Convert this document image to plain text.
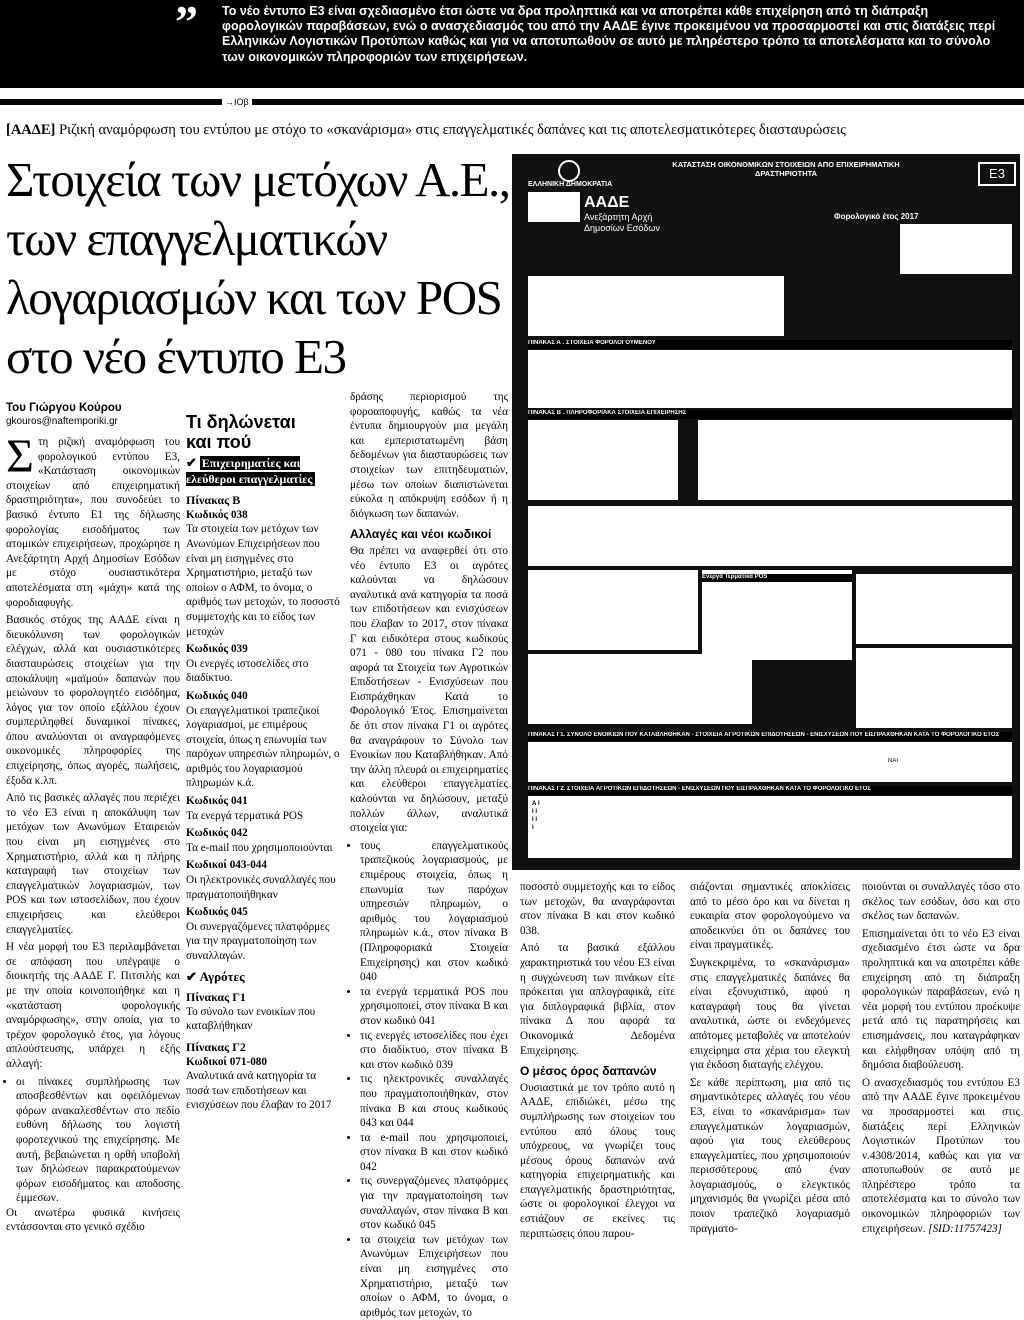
” Το νέο έντυπο Ε3 είναι σχεδιασμένο έτσι ώστε να δρα προληπτικά και να αποτρέπει κάθε επιχείρηση από τη διάπραξη φορολογικών παραβάσεων, ενώ ο ανασχεδιασμός του από την ΑΑΔΕ έγινε προκειμένου να προσαρμοστεί και στις διατάξεις περί Ελληνικών Λογιστικών Προτύπων καθώς και για να αποτυπωθούν σε αυτό με πληρέστερο τρόπο τα αποτελέσματα και το σύνολο των οικονομικών πληροφοριών των επιχειρήσεων.
→ΙΟβ
[ΑΑΔΕ] Ριζική αναμόρφωση του εντύπου με στόχο το «σκανάρισμα» στις επαγγελματικές δαπάνες και τις αποτελεσματικότερες διασταυρώσεις
Στοιχεία των μετόχων Α.Ε.,
των επαγγελματικών
λογαριασμών και των POS
στο νέο έντυπο Ε3
Του Γιώργου Κούρου
gkouros@naftemporiki.gr

Στη ριζική αναμόρφωση του φορολογικού εντύπου Ε3, «Κατάσταση οικονομικών στοιχείων από επιχειρηματική δραστηριότητα», που συνοδεύει το βασικό έντυπο Ε1 της δήλωσης φορολογίας εισοδήματος των ατομικών επιχειρήσεων, προχώρησε η Ανεξάρτητη Αρχή Δημοσίων Εσόδων με στόχο ουσιαστικότερα αποτελέσματα στη «μάχη» κατά της φοροδιαφυγής.

Βασικός στόχος της ΑΑΔΕ είναι η διευκόλυνση των φορολογικών ελέγχων, αλλά και ουσιαστικότερες διασταυρώσεις στοιχείων για την αποκάλυψη «μαϊμού» δαπανών που μειώνουν το φορολογητέο εισόδημα, λόγος για τον οποίο εξάλλου έχουν συμπεριληφθεί δυναμικοί πίνακες, όπου αναλύονται οι αναγραφόμενες οικονομικές πληροφορίες της επιχείρησης, όπως αγορές, πωλήσεις, έξοδα κ.λπ.

Από τις βασικές αλλαγές που περιέχει το νέο Ε3 είναι η αποκάλυψη των μετόχων των Ανωνύμων Εταιρειών που είναι μη εισηγμένες στο Χρηματιστήριο, αλλά και η πλήρης καταγραφή των στοιχείων των επαγγελματικών λογαριασμών, των POS και των ιστοσελίδων, που έχουν επιχειρήσεις και ελεύθεροι επαγγελματίες.

Η νέα μορφή του Ε3 περιλαμβάνεται σε απόφαση που υπέγραψε ο διοικητής της ΑΑΔΕ Γ. Πιτσιλής και με την οποία κοινοποιήθηκε και η «κατάσταση φορολογικής αναμόρφωσης», στην οποία, για το τρέχον φορολογικό έτος, για λόγους απλούστευσης, υπάρχει η εξής αλλαγή:

• οι πίνακες συμπλήρωσης των αποσβεσθέντων και οφειλόμενων φόρων ανακαλεσθέντων στο πεδίο ευθύνη δήλωσης του λογιστή φοροτεχνικού της επιχείρησης. Με αυτή, βεβαιώνεται η ορθή υποβολή των δηλώσεων παρακρατούμενων φόρων εισοδήματος και αποδοσης έμμεσων.

Οι ανωτέρω φυσικά κινήσεις εντάσσονται στο γενικό σχέδιο

Τι δηλώνεται
και πού
✔ Επιχειρηματίες και ελεύθεροι επαγγελματίες
Πίνακας Β
Κωδικός 038

Τα στοιχεία των μετόχων των Ανωνύμων Επιχειρήσεων που είναι μη εισηγμένες στο Χρηματιστήριο, μεταξύ των οποίων ο ΑΦΜ, το όνομα, ο αριθμός των μετοχών, το ποσοστό συμμετοχής και το είδος των μετοχών

Κωδικός 039

Οι ενεργές ιστοσελίδες στο διαδίκτυο.

Κωδικός 040

Οι επαγγελματικοί τραπεζικοί λογαριασμοί, με επιμέρους στοιχεία, όπως η επωνυμία των παρόχων υπηρεσιών πληρωμών, ο αριθμός του λογαριασμού πληρωμών κ.ά.

Κωδικός 041

Τα ενεργά τερματικά POS

Κωδικός 042

Τα e-mail που χρησιμοποιούνται

Κωδικοί 043-044

Οι ηλεκτρονικές συναλλαγές που πραγματοποιήθηκαν

Κωδικός 045

Οι συνεργαζόμενες πλατφόρμες για την πραγματοποίηση των συναλλαγών.

✔ Αγρότες
Πίνακας Γ1

Το σύνολο των ενοικίων που καταβλήθηκαν

Πίνακας Γ2
Κωδικοί 071-080

Αναλυτικά ανά κατηγορία τα ποσά των επιδοτήσεων και ενισχύσεων που έλαβαν το 2017

δράσης περιορισμού της φοροαποφυγής, καθώς τα νέα έντυπα δημιουργούν μια μεγάλη και εμπεριστατωμένη βάση δεδομένων για διασταυρώσεις των στοιχείων των επιτηδευματιών, μέσω των οποίων διαπιστώνεται εύκολα η απόκρυψη εσόδων ή η διόγκωση των δαπανών.

Αλλαγές και νέοι κωδικοί

Θα πρέπει να αναφερθεί ότι στο νέο έντυπο Ε3 οι αγρότες καλούνται να δηλώσουν αναλυτικά ανά κατηγορία τα ποσά των επιδοτήσεων και ενισχύσεων που έλαβαν το 2017, στον πίνακα Γ και ειδικότερα στους κωδικούς 071 - 080 του πίνακα Γ2 που αφορά τα Στοιχεία των Αγροτικών Επιδοτήσεων - Ενισχύσεων που Εισπράχθηκαν Κατά το Φορολογικό Έτος. Επισημαίνεται δε ότι στον πίνακα Γ1 οι αγρότες θα αναγράφουν το Σύνολο των Ενοικίων που Καταβλήθηκαν. Από την άλλη πλευρά οι επιχειρηματίες και ελεύθεροι επαγγελματίες καλούνται να δηλώσουν, μεταξύ πολλών άλλων, αναλυτικά στοιχεία για:

• τους επαγγελματικούς τραπεζικούς λογαριασμούς, με επιμέρους στοιχεία, όπως η επωνυμία των παρόχων υπηρεσιών πληρωμών, ο αριθμός του λογαριασμού πληρωμών κ.ά., στον πίνακα Β (Πληροφοριακά Στοιχεία Επιχείρησης) και στον κωδικό 040
• τα ενεργά τερματικά POS που χρησιμοποιεί, στον πίνακα Β και στον κωδικό 041
• τις ενεργές ιστοσελίδες που έχει στο διαδίκτυο, στον πίνακα Β και στον κωδικό 039
• τις ηλεκτρονικές συναλλαγές που πραγματοποιήθηκαν, στον πίνακα Β και στους κωδικούς 043 και 044
• τα e-mail που χρησιμοποιεί, στον πίνακα Β και στον κωδικό 042
• τις συνεργαζόμενες πλατφόρμες για την πραγματοποίηση των συναλλαγών, στον πίνακα Β και στον κωδικό 045
• τα στοιχεία των μετόχων των Ανωνύμων Επιχειρήσεων που είναι μη εισηγμένες στο Χρηματιστήριο, μεταξύ των οποίων ο ΑΦΜ, το όνομα, ο αριθμός των μετοχών, το

ποσοστό συμμετοχής και το είδος των μετοχών, θα αναγράφονται στον πίνακα Β και στον κωδικό 038.

Από τα βασικά εξάλλου χαρακτηριστικά του νέου Ε3 είναι η συγχώνευση των πινάκων είτε πρόκειται για απλογραφικά, είτε για διπλογραφικά βιβλία, στον πίνακα Δ που αφορά τα Οικονομικά Δεδομένα Επιχείρησης.

Ο μέσος όρος δαπανών

Ουσιαστικά με τον τρόπο αυτό η ΑΑΔΕ, επιδιώκει, μέσω της συμπλήρωσης των στοιχείων του εντύπου από όλους τους υπόχρεους, να γνωρίζει τους μέσους όρους δαπανών ανά κατηγορία επιχειρηματικής και επαγγελματικής δραστηριότητας, ώστε οι φορολογικοί έλεγχοι να εστιάζουν σε εκείνες τις περιπτώσεις όπου παρου-

σιάζονται σημαντικές αποκλίσεις από το μέσο όρο και να δίνεται η ευκαιρία στον φορολογούμενο να αποδεικνύει ότι οι δαπάνες του είναι πραγματικές.

Συγκεκριμένα, το «σκανάρισμα» στις επαγγελματικές δαπάνες θα είναι εξονυχιστικό, αφού η καταγραφή τους θα γίνεται αναλυτικά, ώστε οι ενδεχόμενες απότομες μεταβολές να αποτελούν επιχείρημα στα χέρια του ελεγκτή για έκδοση διαταγής ελέγχου.

Σε κάθε περίπτωση, μια από τις σημαντικότερες αλλαγές του νέου Ε3, είναι το «σκανάρισμα» των επαγγελματικών λογαριασμών, αφού για τους ελεύθερους επαγγελματίες, που χρησιμοποιούν περισσότερους από έναν λογαριασμούς, ο ελεγκτικός μηχανισμός θα γνωρίζει μέσα από ποιον τραπεζικό λογαριασμό πραγματο-

ποιούνται οι συναλλαγές τόσο στο σκέλος των εσόδων, όσο και στο σκέλος των δαπανών.

Επισημαίνεται ότι το νέο Ε3 είναι σχεδιασμένο έτσι ώστε να δρα προληπτικά και να αποτρέπει κάθε επιχείρηση από τη διάπραξη φορολογικών παραβάσεων, ενώ η νέα μορφή του εντύπου προέκυψε μετά από τις παρατηρήσεις και επισημάνσεις, που καταγράφηκαν και ελήφθησαν υπόψη από τη δημόσια διαβούλευση.

Ο ανασχεδιασμός του εντύπου Ε3 από την ΑΑΔΕ έγινε προκειμένου να προσαρμοστεί και στις διατάξεις περί Ελληνικών Λογιστικών Προτύπων του ν.4308/2014, καθώς και για να αποτυπωθούν σε αυτό με πληρέστερο τρόπο τα αποτελέσματα και το σύνολο των οικονομικών πληροφοριών των επιχειρήσεων. [SID:11757423]

ΕΛΛΗΝΙΚΗ ΔΗΜΟΚΡΑΤΙΑ
ΑΑΔΕ
Ανεξάρτητη Αρχή
Δημοσίων Εσόδων
ΚΑΤΑΣΤΑΣΗ ΟΙΚΟΝΟΜΙΚΩΝ ΣΤΟΙΧΕΙΩΝ ΑΠΟ ΕΠΙΧΕΙΡΗΜΑΤΙΚΗ ΔΡΑΣΤΗΡΙΟΤΗΤΑ	Ε3
Φορολογικό έτος 2017
ΠΙΝΑΚΑΣ Α΄. ΣΤΟΙΧΕΙΑ ΦΟΡΟΛΟΓΟΥΜΕΝΟΥ
ΠΙΝΑΚΑΣ Β΄. ΠΛΗΡΟΦΟΡΙΑΚΑ ΣΤΟΙΧΕΙΑ ΕΠΙΧΕΙΡΗΣΗΣ
Ενεργά Τερματικά POS
ΠΙΝΑΚΑΣ Γ1. ΣΥΝΟΛΟ ΕΝΟΙΚΙΩΝ ΠΟΥ ΚΑΤΑΒΛΗΘΗΚΑΝ - ΣΤΟΙΧΕΙΑ ΑΓΡΟΤΙΚΩΝ ΕΠΙΔΟΤΗΣΕΩΝ - ΕΝΙΣΧΥΣΕΩΝ ΠΟΥ ΕΙΣΠΡΑΧΘΗΚΑΝ ΚΑΤΑ ΤΟ ΦΟΡΟΛΟΓΙΚΟ ΕΤΟΣ
ΝΑΙ
ΠΙΝΑΚΑΣ Γ2. ΣΤΟΙΧΕΙΑ ΑΓΡΟΤΙΚΩΝ ΕΠΙΔΟΤΗΣΕΩΝ - ΕΝΙΣΧΥΣΕΩΝ ΠΟΥ ΕΙΣΠΡΑΧΘΗΚΑΝ ΚΑΤΑ ΤΟ ΦΟΡΟΛΟΓΙΚΟ ΕΤΟΣ
Α Ι Ι Ι Ι Ι Ι
